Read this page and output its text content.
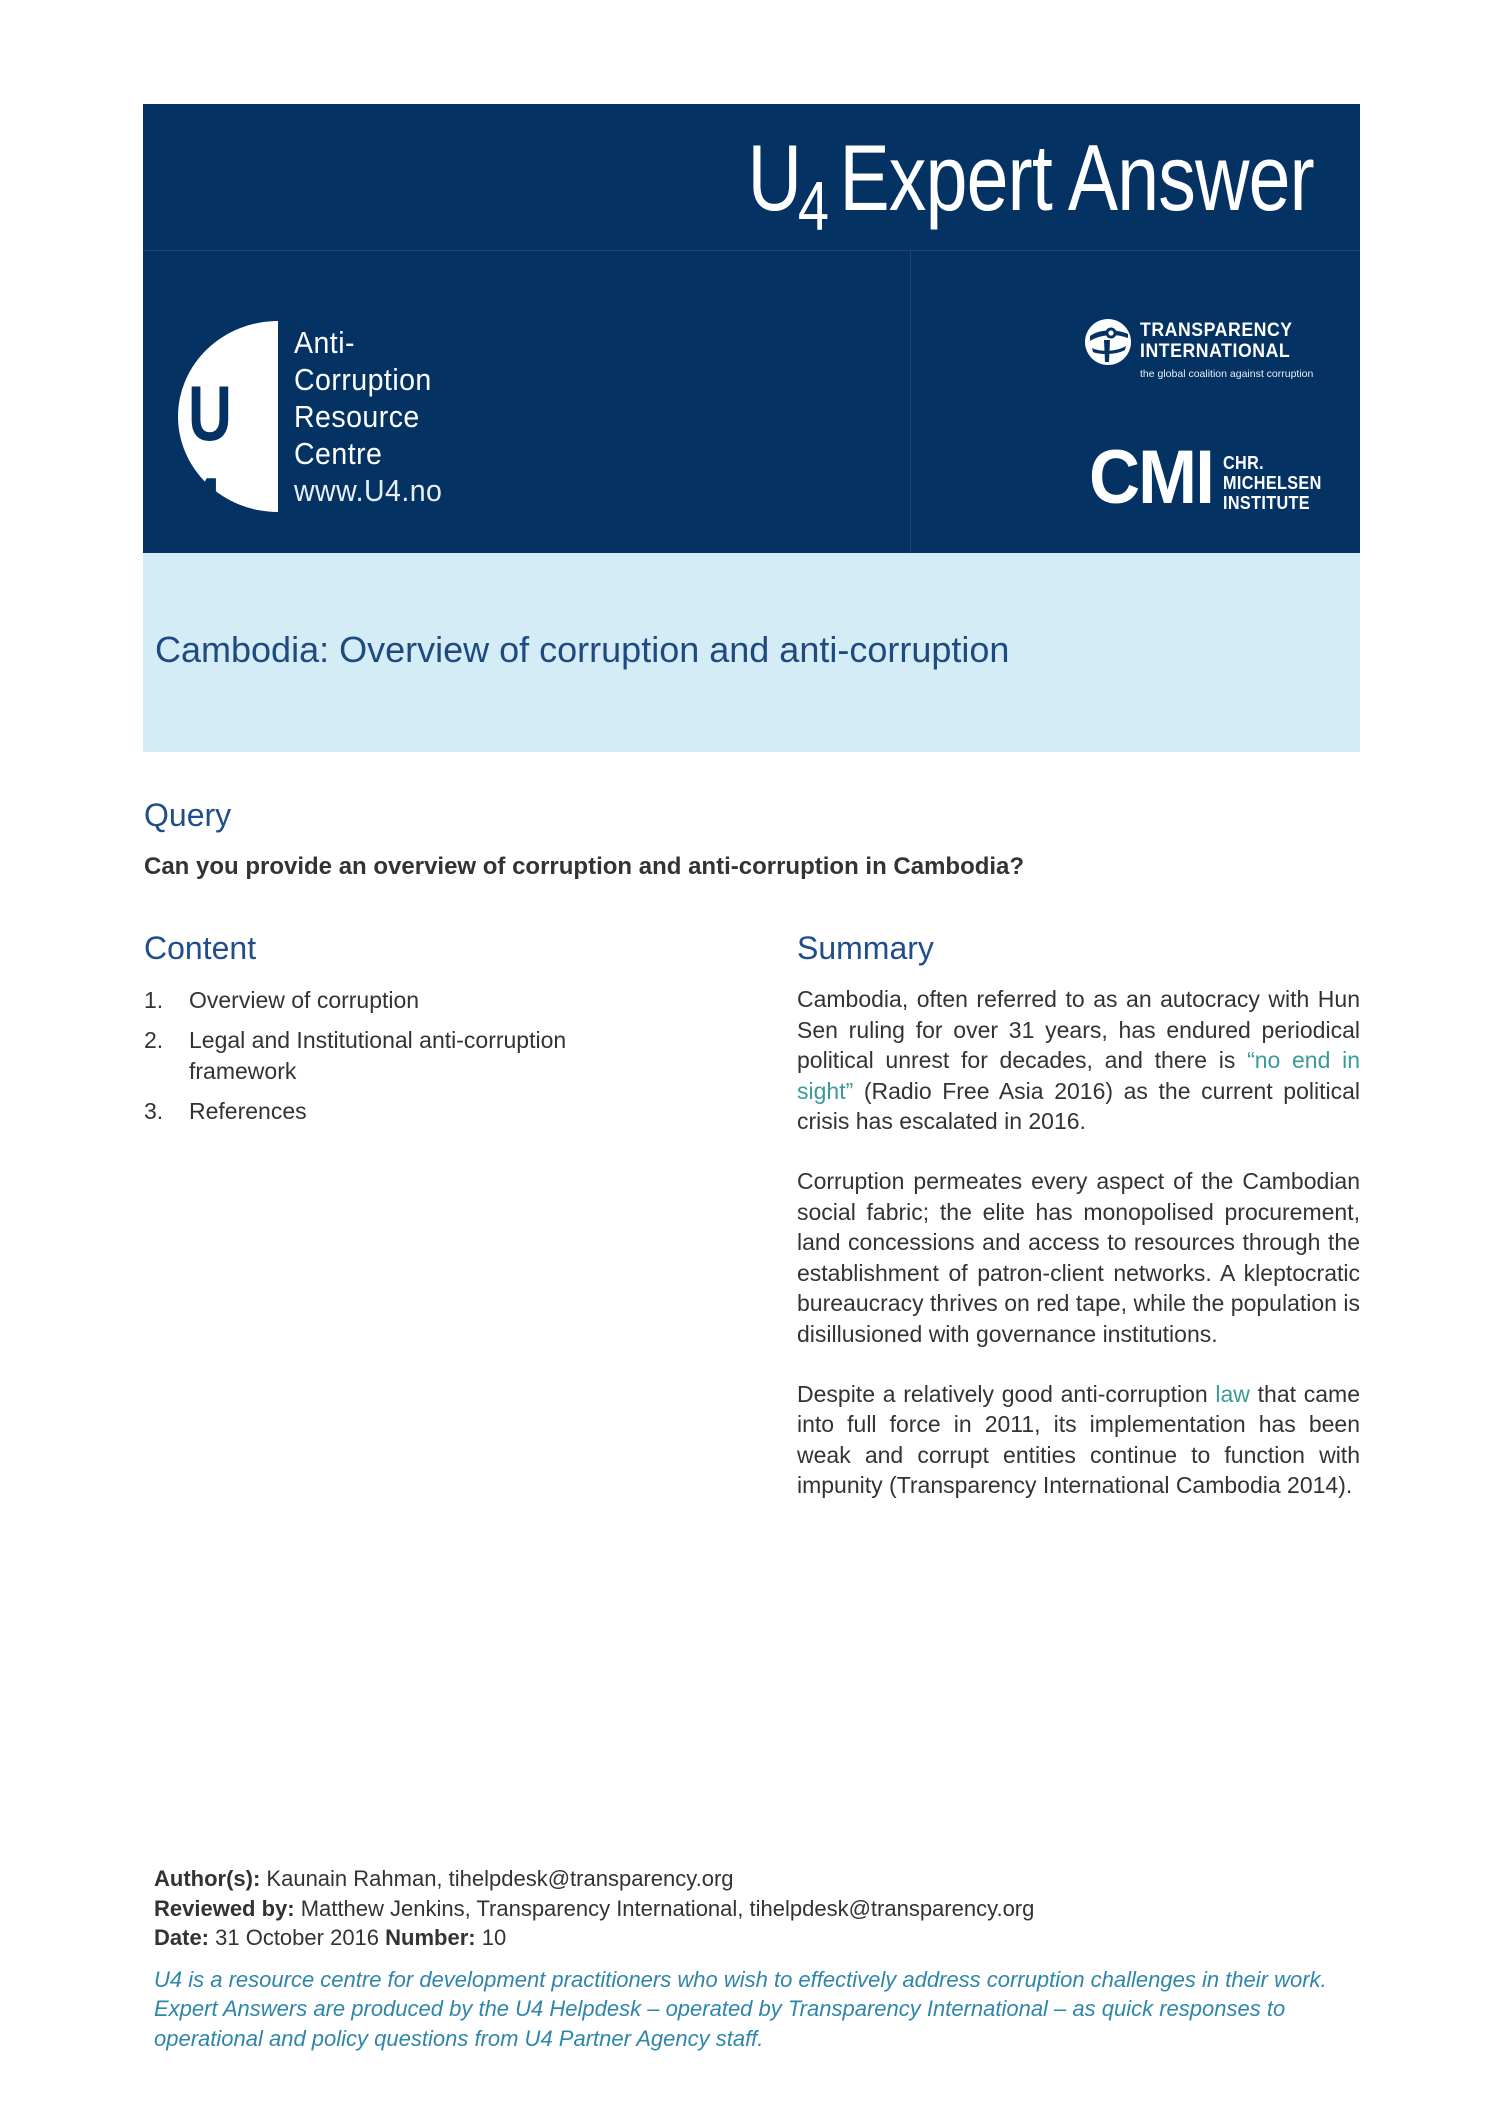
U4 Expert Answer
U4
Anti-
Corruption
Resource
Centre
www.U4.no
TRANSPARENCY
INTERNATIONAL
the global coalition against corruption
CMI CHR.
MICHELSEN
INSTITUTE
Cambodia: Overview of corruption and anti-corruption
Query
Can you provide an overview of corruption and anti-corruption in Cambodia?
Content
1.	Overview of corruption
2.	Legal and Institutional anti-corruption framework
3.	References
Summary

Cambodia, often referred to as an autocracy with Hun Sen ruling for over 31 years, has endured periodical political unrest for decades, and there is “no end in sight” (Radio Free Asia 2016) as the current political crisis has escalated in 2016.

Corruption permeates every aspect of the Cambodian social fabric; the elite has monopolised procurement, land concessions and access to resources through the establishment of patron-client networks. A kleptocratic bureaucracy thrives on red tape, while the population is disillusioned with governance institutions.

Despite a relatively good anti-corruption law that came into full force in 2011, its implementation has been weak and corrupt entities continue to function with impunity (Transparency International Cambodia 2014).

Author(s): Kaunain Rahman, tihelpdesk@transparency.org
Reviewed by: Matthew Jenkins, Transparency International, tihelpdesk@transparency.org
Date: 31 October 2016 Number: 10
U4 is a resource centre for development practitioners who wish to effectively address corruption challenges in their work. Expert Answers are produced by the U4 Helpdesk – operated by Transparency International – as quick responses to operational and policy questions from U4 Partner Agency staff.
